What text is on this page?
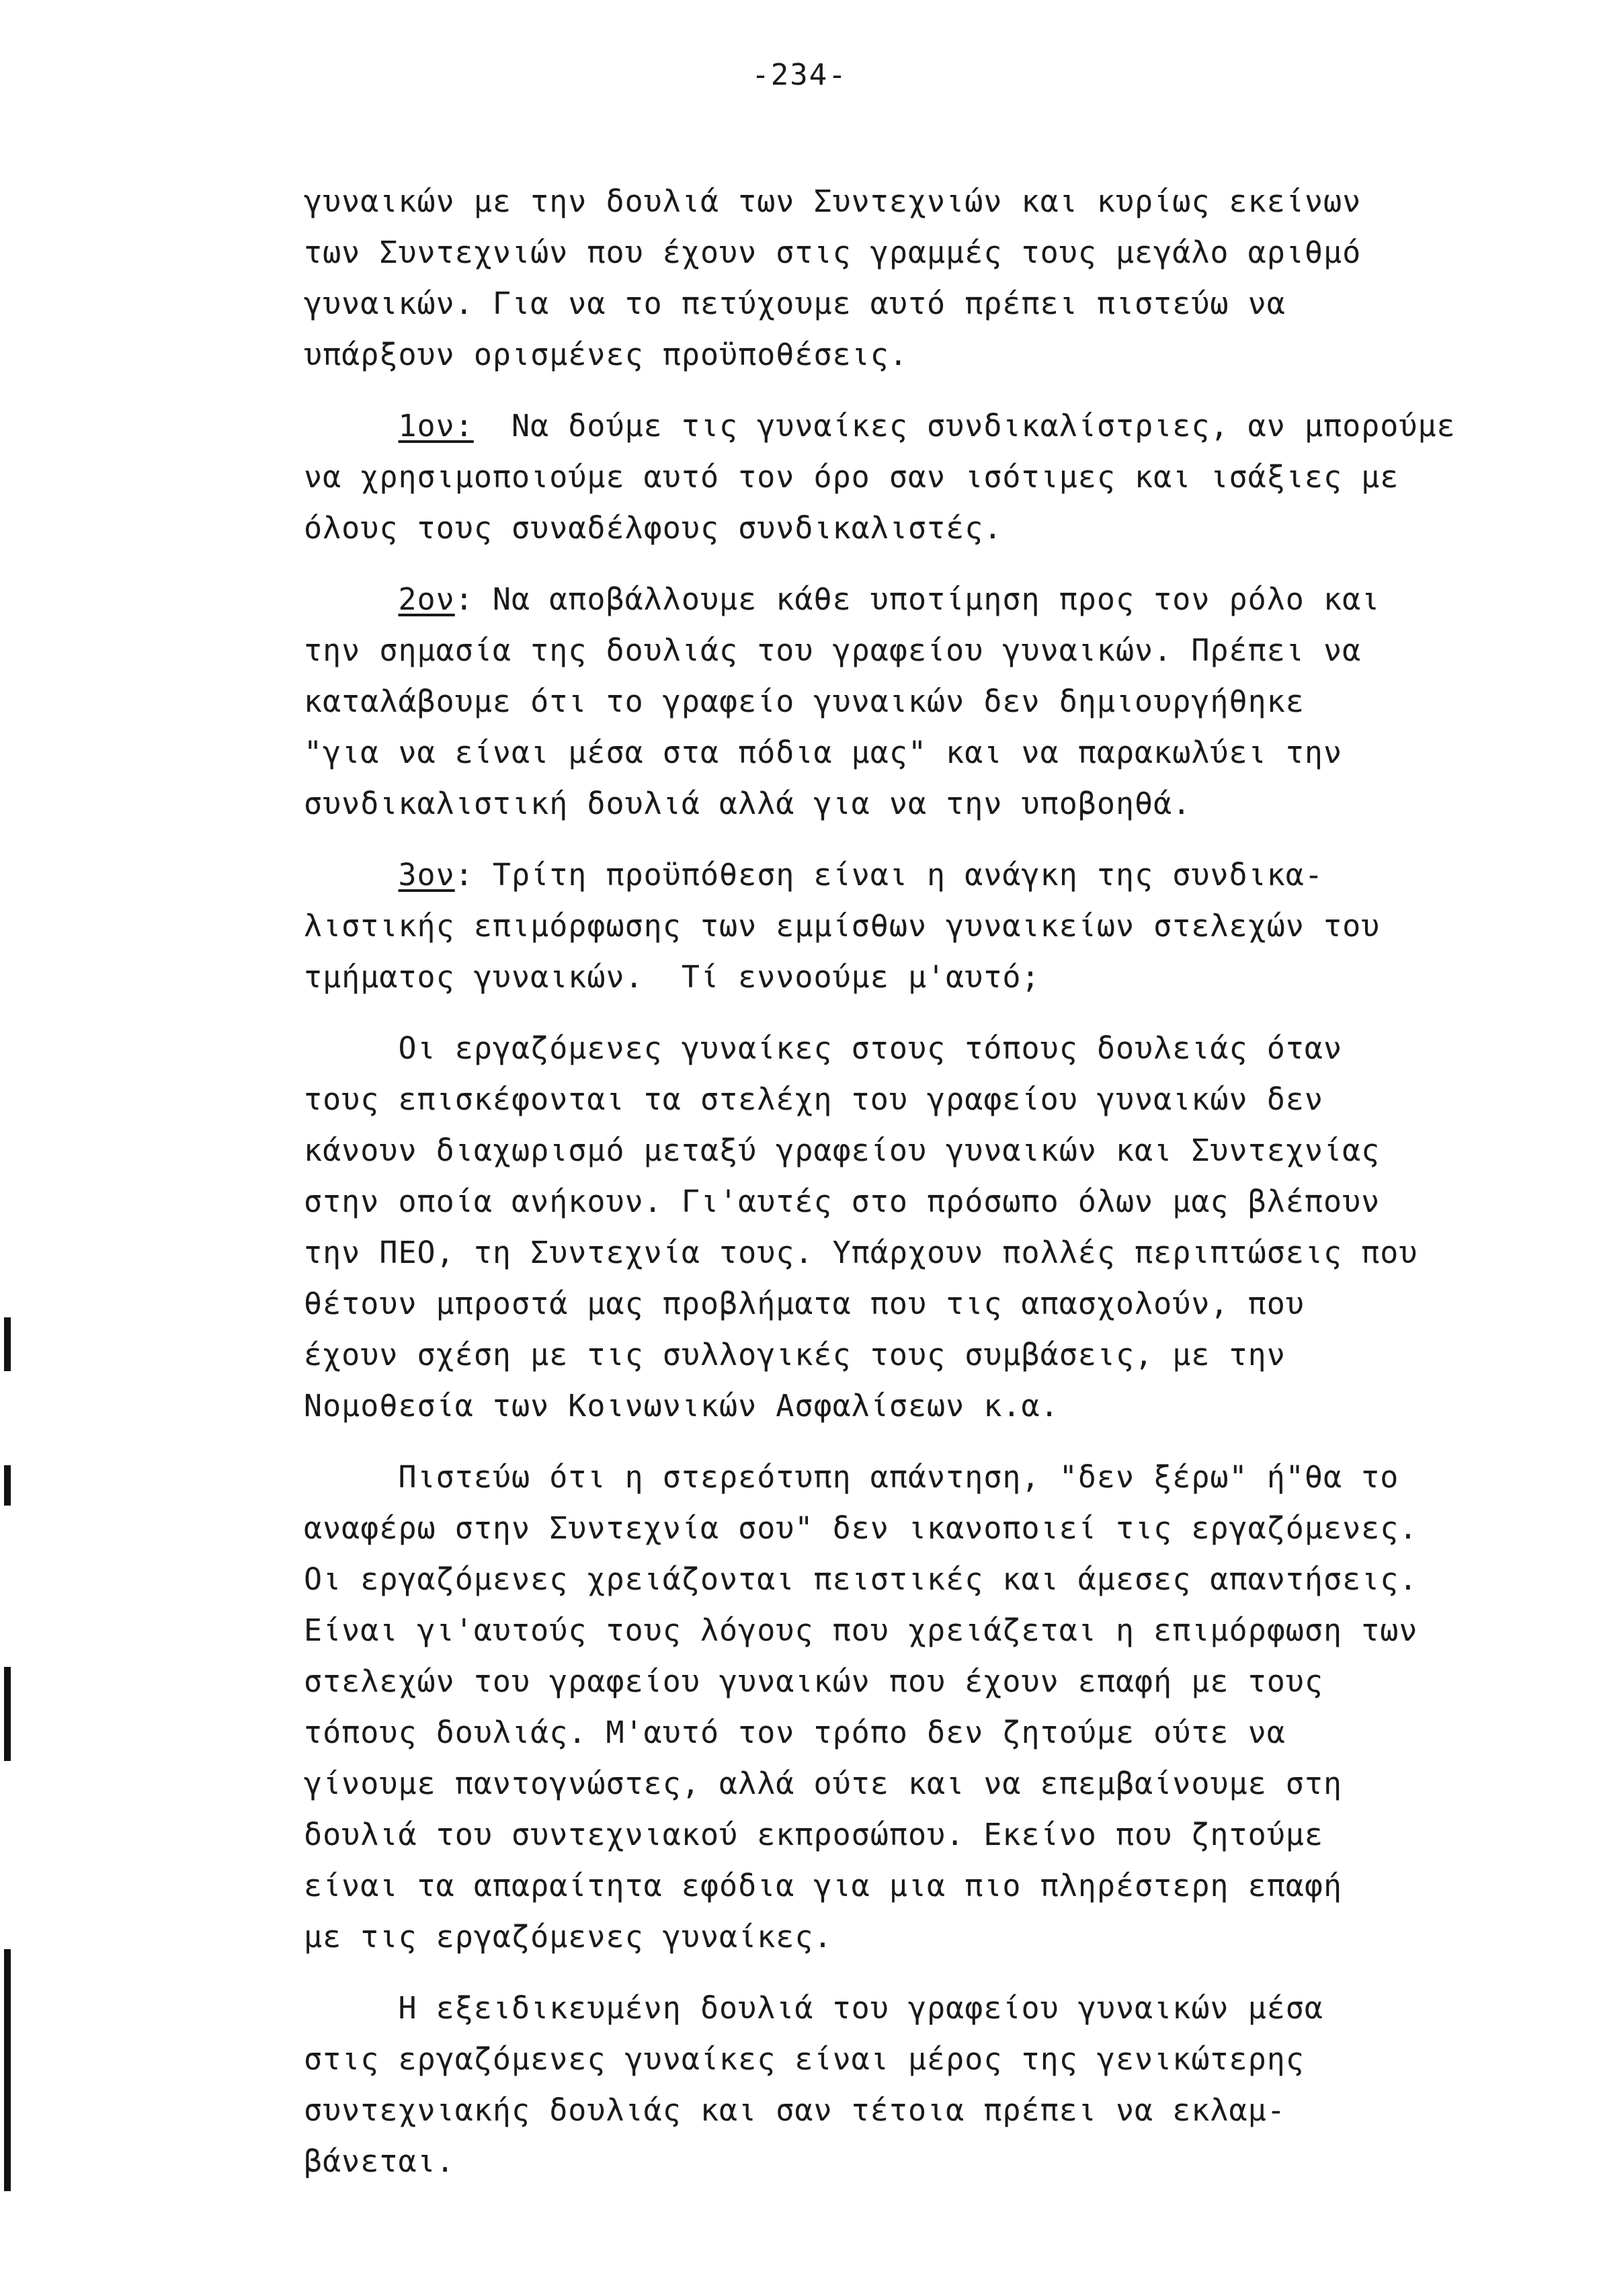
-234-
γυναικών με την δουλιά των Συντεχνιών και κυρίως εκείνων
των Συντεχνιών που έχουν στις γραμμές τους μεγάλο αριθμό
γυναικών. Για να το πετύχουμε αυτό πρέπει πιστεύω να
υπάρξουν ορισμένες προϋποθέσεις.
1ον:  Να δούμε τις γυναίκες συνδικαλίστριες, αν μπορούμε
να χρησιμοποιούμε αυτό τον όρο σαν ισότιμες και ισάξιες με
όλους τους συναδέλφους συνδικαλιστές.
2ον: Να αποβάλλουμε κάθε υποτίμηση προς τον ρόλο και
την σημασία της δουλιάς του γραφείου γυναικών. Πρέπει να
καταλάβουμε ότι το γραφείο γυναικών δεν δημιουργήθηκε
"για να είναι μέσα στα πόδια μας" και να παρακωλύει την
συνδικαλιστική δουλιά αλλά για να την υποβοηθά.
3ον: Τρίτη προϋπόθεση είναι η ανάγκη της συνδικα-
λιστικής επιμόρφωσης των εμμίσθων γυναικείων στελεχών του
τμήματος γυναικών.  Τί εννοούμε μ'αυτό;
Οι εργαζόμενες γυναίκες στους τόπους δουλειάς όταν
τους επισκέφονται τα στελέχη του γραφείου γυναικών δεν
κάνουν διαχωρισμό μεταξύ γραφείου γυναικών και Συντεχνίας
στην οποία ανήκουν. Γι'αυτές στο πρόσωπο όλων μας βλέπουν
την ΠΕΟ, τη Συντεχνία τους. Υπάρχουν πολλές περιπτώσεις που
θέτουν μπροστά μας προβλήματα που τις απασχολούν, που
έχουν σχέση με τις συλλογικές τους συμβάσεις, με την
Νομοθεσία των Κοινωνικών Ασφαλίσεων κ.α.
Πιστεύω ότι η στερεότυπη απάντηση, "δεν ξέρω" ή"θα το
αναφέρω στην Συντεχνία σου" δεν ικανοποιεί τις εργαζόμενες.
Οι εργαζόμενες χρειάζονται πειστικές και άμεσες απαντήσεις.
Είναι γι'αυτούς τους λόγους που χρειάζεται η επιμόρφωση των
στελεχών του γραφείου γυναικών που έχουν επαφή με τους
τόπους δουλιάς. Μ'αυτό τον τρόπο δεν ζητούμε ούτε να
γίνουμε παντογνώστες, αλλά ούτε και να επεμβαίνουμε στη
δουλιά του συντεχνιακού εκπροσώπου. Εκείνο που ζητούμε
είναι τα απαραίτητα εφόδια για μια πιο πληρέστερη επαφή
με τις εργαζόμενες γυναίκες.
Η εξειδικευμένη δουλιά του γραφείου γυναικών μέσα
στις εργαζόμενες γυναίκες είναι μέρος της γενικώτερης
συντεχνιακής δουλιάς και σαν τέτοια πρέπει να εκλαμ-
βάνεται.
